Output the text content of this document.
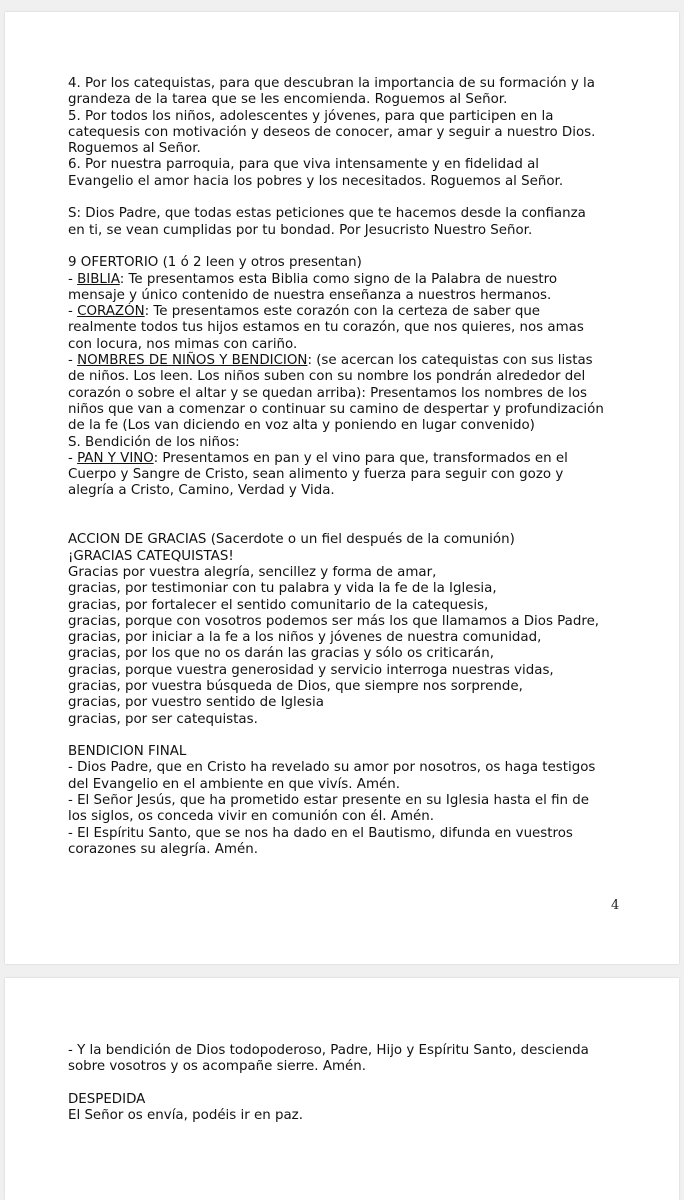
4. Por los catequistas, para que descubran la importancia de su formación y la
grandeza de la tarea que se les encomienda. Roguemos al Señor.
5. Por todos los niños, adolescentes y jóvenes, para que participen en la
catequesis con motivación y deseos de conocer, amar y seguir a nuestro Dios.
Roguemos al Señor.
6. Por nuestra parroquia, para que viva intensamente y en fidelidad al
Evangelio el amor hacia los pobres y los necesitados. Roguemos al Señor.
S: Dios Padre, que todas estas peticiones que te hacemos desde la confianza
en ti, se vean cumplidas por tu bondad. Por Jesucristo Nuestro Señor.
9 OFERTORIO (1 ó 2 leen y otros presentan)
- BIBLIA: Te presentamos esta Biblia como signo de la Palabra de nuestro
mensaje y único contenido de nuestra enseñanza a nuestros hermanos.
- CORAZÓN: Te presentamos este corazón con la certeza de saber que
realmente todos tus hijos estamos en tu corazón, que nos quieres, nos amas
con locura, nos mimas con cariño.
- NOMBRES DE NIÑOS Y BENDICION: (se acercan los catequistas con sus listas
de niños. Los leen. Los niños suben con su nombre los pondrán alrededor del
corazón o sobre el altar y se quedan arriba): Presentamos los nombres de los
niños que van a comenzar o continuar su camino de despertar y profundización
de la fe (Los van diciendo en voz alta y poniendo en lugar convenido)
S. Bendición de los niños:
- PAN Y VINO: Presentamos en pan y el vino para que, transformados en el
Cuerpo y Sangre de Cristo, sean alimento y fuerza para seguir con gozo y
alegría a Cristo, Camino, Verdad y Vida.
ACCION DE GRACIAS (Sacerdote o un fiel después de la comunión)
¡GRACIAS CATEQUISTAS!
Gracias por vuestra alegría, sencillez y forma de amar,
gracias, por testimoniar con tu palabra y vida la fe de la Iglesia,
gracias, por fortalecer el sentido comunitario de la catequesis,
gracias, porque con vosotros podemos ser más los que llamamos a Dios Padre,
gracias, por iniciar a la fe a los niños y jóvenes de nuestra comunidad,
gracias, por los que no os darán las gracias y sólo os criticarán,
gracias, porque vuestra generosidad y servicio interroga nuestras vidas,
gracias, por vuestra búsqueda de Dios, que siempre nos sorprende,
gracias, por vuestro sentido de Iglesia
gracias, por ser catequistas.
BENDICION FINAL
- Dios Padre, que en Cristo ha revelado su amor por nosotros, os haga testigos
del Evangelio en el ambiente en que vivís. Amén.
- El Señor Jesús, que ha prometido estar presente en su Iglesia hasta el fin de
los siglos, os conceda vivir en comunión con él. Amén.
- El Espíritu Santo, que se nos ha dado en el Bautismo, difunda en vuestros
corazones su alegría. Amén.
4
- Y la bendición de Dios todopoderoso, Padre, Hijo y Espíritu Santo, descienda
sobre vosotros y os acompañe sierre. Amén.
DESPEDIDA
El Señor os envía, podéis ir en paz.
